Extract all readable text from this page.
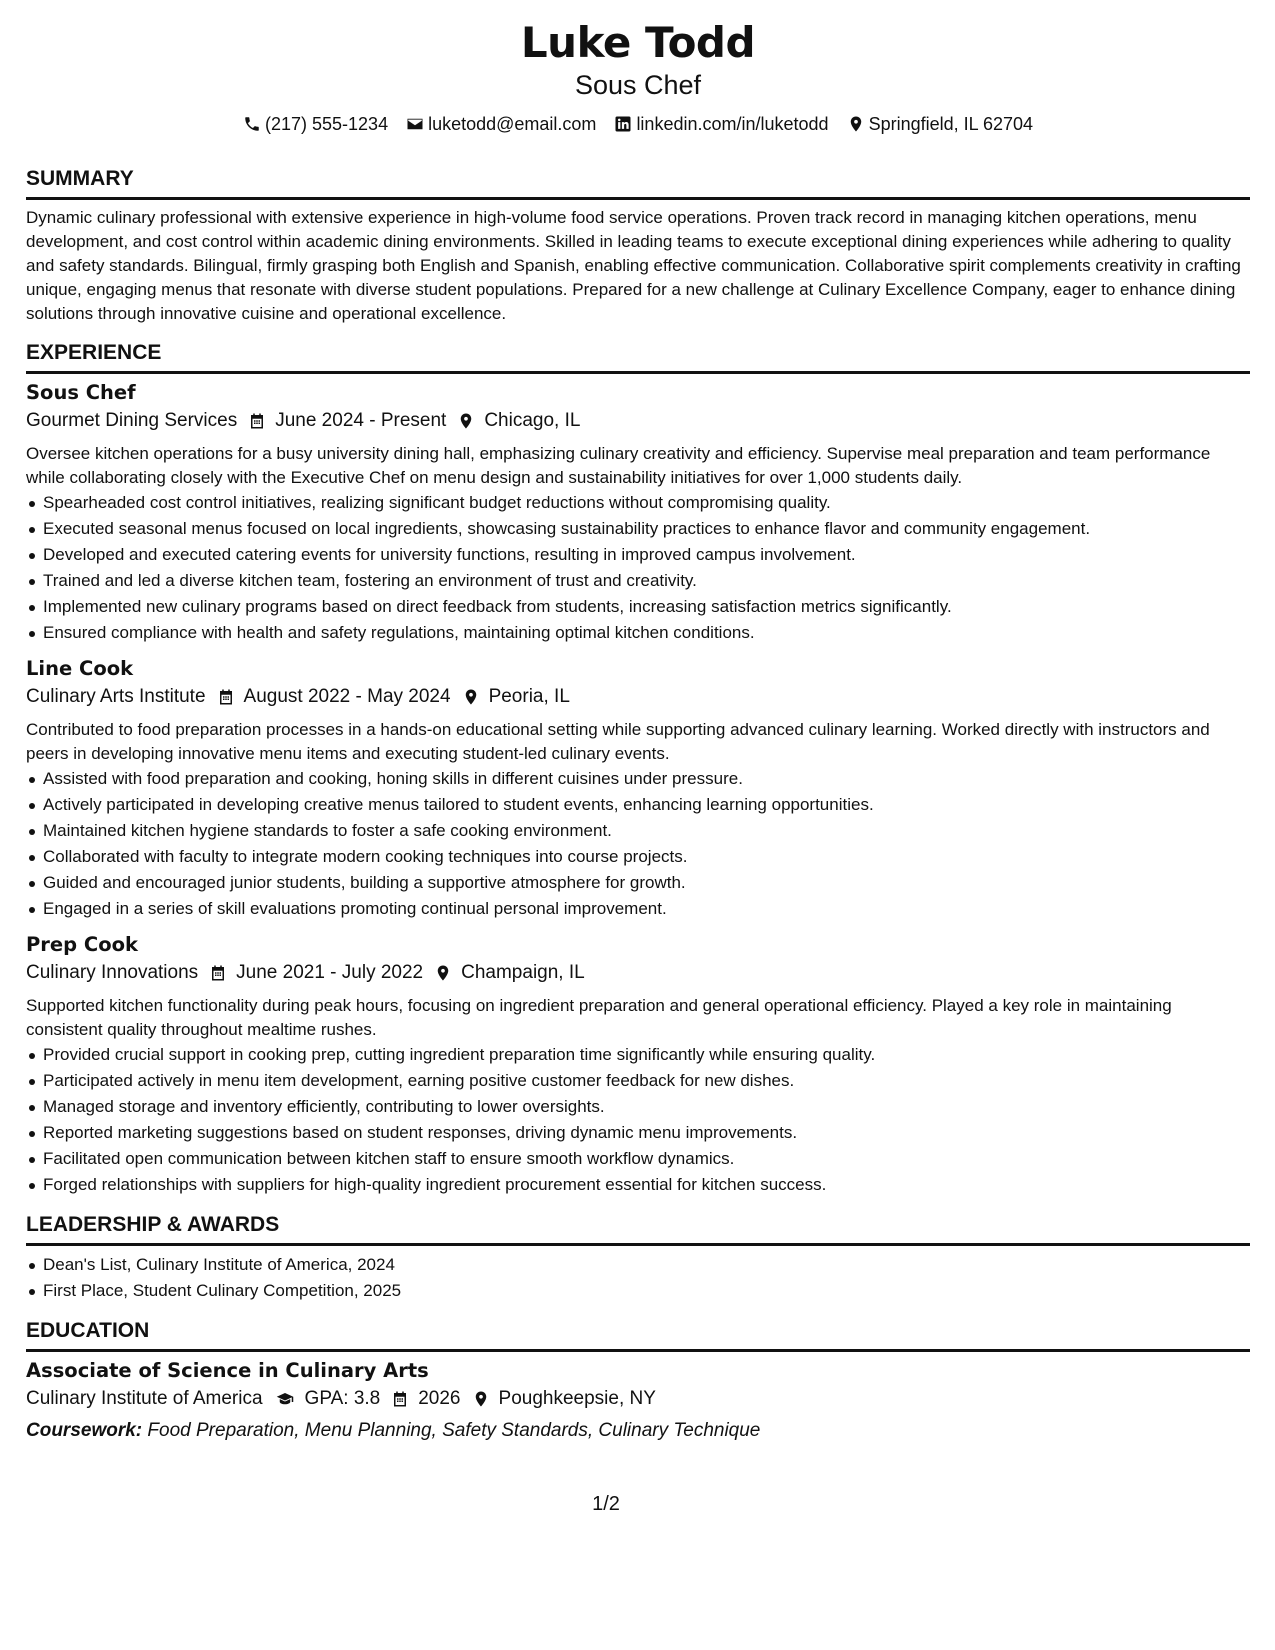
Luke Todd
Sous Chef
(217) 555-1234 luketodd@email.com linkedin.com/in/luketodd Springfield, IL 62704
SUMMARY

Dynamic culinary professional with extensive experience in high-volume food service operations. Proven track record in managing kitchen operations, menu development, and cost control within academic dining environments. Skilled in leading teams to execute exceptional dining experiences while adhering to quality and safety standards. Bilingual, firmly grasping both English and Spanish, enabling effective communication. Collaborative spirit complements creativity in crafting unique, engaging menus that resonate with diverse student populations. Prepared for a new challenge at Culinary Excellence Company, eager to enhance dining solutions through innovative cuisine and operational excellence.

EXPERIENCE
Sous Chef
Gourmet Dining Services June 2024 - Present Chicago, IL

Oversee kitchen operations for a busy university dining hall, emphasizing culinary creativity and efficiency. Supervise meal preparation and team performance while collaborating closely with the Executive Chef on menu design and sustainability initiatives for over 1,000 students daily.

Spearheaded cost control initiatives, realizing significant budget reductions without compromising quality.
Executed seasonal menus focused on local ingredients, showcasing sustainability practices to enhance flavor and community engagement.
Developed and executed catering events for university functions, resulting in improved campus involvement.
Trained and led a diverse kitchen team, fostering an environment of trust and creativity.
Implemented new culinary programs based on direct feedback from students, increasing satisfaction metrics significantly.
Ensured compliance with health and safety regulations, maintaining optimal kitchen conditions.
Line Cook
Culinary Arts Institute August 2022 - May 2024 Peoria, IL

Contributed to food preparation processes in a hands-on educational setting while supporting advanced culinary learning. Worked directly with instructors and peers in developing innovative menu items and executing student-led culinary events.

Assisted with food preparation and cooking, honing skills in different cuisines under pressure.
Actively participated in developing creative menus tailored to student events, enhancing learning opportunities.
Maintained kitchen hygiene standards to foster a safe cooking environment.
Collaborated with faculty to integrate modern cooking techniques into course projects.
Guided and encouraged junior students, building a supportive atmosphere for growth.
Engaged in a series of skill evaluations promoting continual personal improvement.
Prep Cook
Culinary Innovations June 2021 - July 2022 Champaign, IL

Supported kitchen functionality during peak hours, focusing on ingredient preparation and general operational efficiency. Played a key role in maintaining consistent quality throughout mealtime rushes.

Provided crucial support in cooking prep, cutting ingredient preparation time significantly while ensuring quality.
Participated actively in menu item development, earning positive customer feedback for new dishes.
Managed storage and inventory efficiently, contributing to lower oversights.
Reported marketing suggestions based on student responses, driving dynamic menu improvements.
Facilitated open communication between kitchen staff to ensure smooth workflow dynamics.
Forged relationships with suppliers for high-quality ingredient procurement essential for kitchen success.
LEADERSHIP & AWARDS
Dean's List, Culinary Institute of America, 2024
First Place, Student Culinary Competition, 2025
EDUCATION
Associate of Science in Culinary Arts
Culinary Institute of America GPA: 3.8 2026 Poughkeepsie, NY
Coursework: Food Preparation, Menu Planning, Safety Standards, Culinary Technique
1/2
